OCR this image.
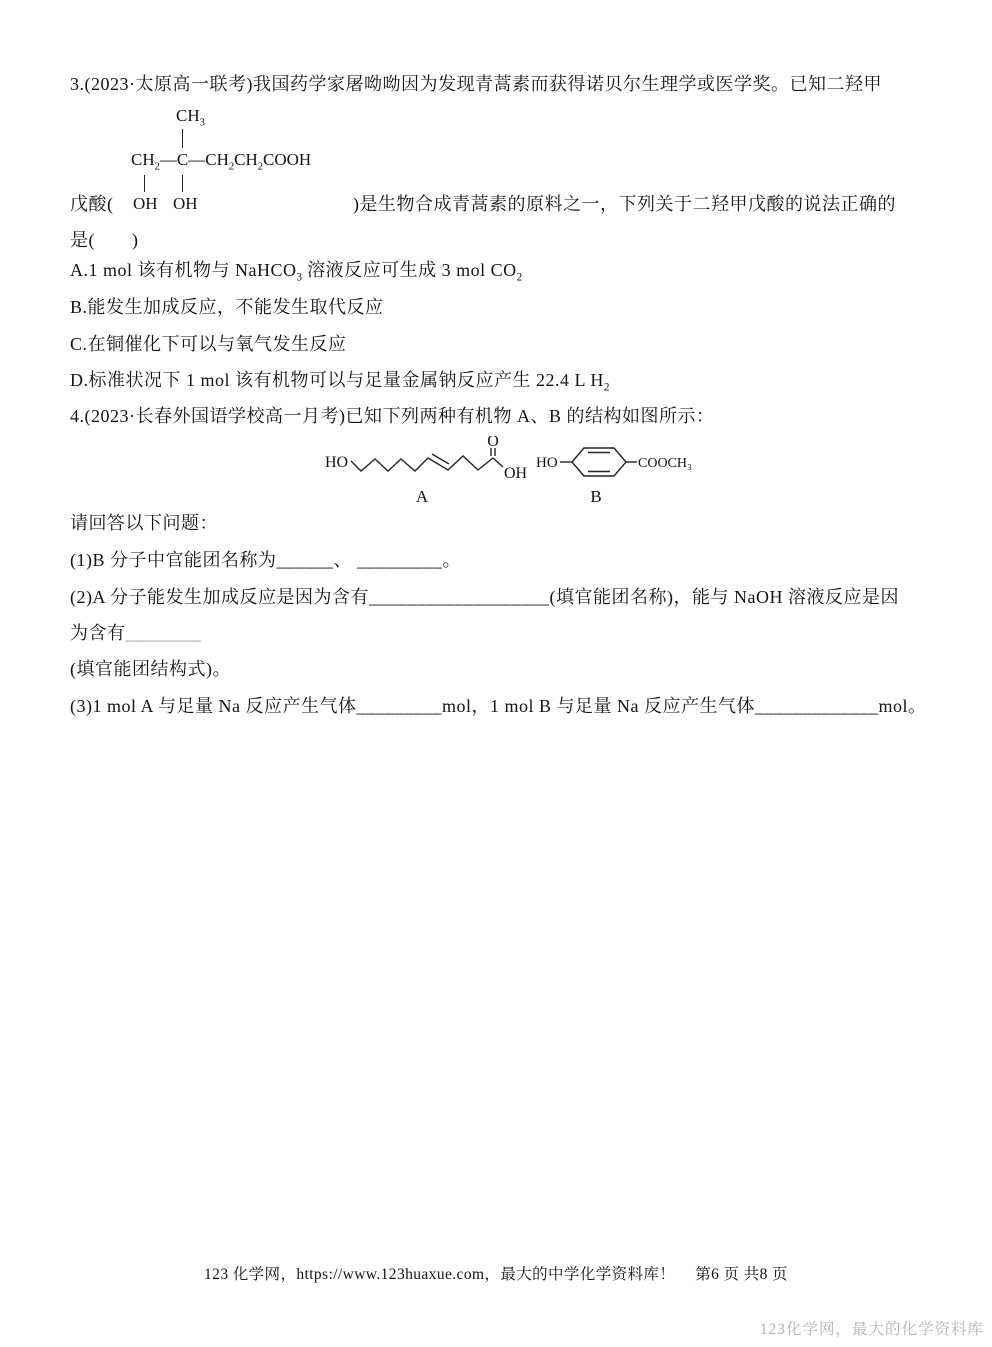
3.(2023·太原高一联考)我国药学家屠呦呦因为发现青蒿素而获得诺贝尔生理学或医学奖。已知二羟甲
$CH_3$
$CH_2—C—CH_2CH_2COOH$
OH OH
戊酸(	)是生物合成青蒿素的原料之一，下列关于二羟甲戊酸的说法正确的
是(　　)
A.1 mol 该有机物与 NaHCO$_3$ 溶液反应可生成 3 mol $CO_2$
B.能发生加成反应，不能发生取代反应
C.在铜催化下可以与氧气发生反应
D.标准状况下 1 mol 该有机物可以与足量金属钠反应产生 22.4 L $H_2$
4.(2023·长春外国语学校高一月考)已知下列两种有机物 A、B 的结构如图所示：
HO
O
OH
A
HO	COOCH₃
B
请回答以下问题：
(1)B 分子中官能团名称为______、 _________。
(2)A 分子能发生加成反应是因为含有___________________(填官能团名称)，能与 NaOH 溶液反应是因
为含有________
(填官能团结构式)。
(3)1 mol A 与足量 Na 反应产生气体_________mol，1 mol B 与足量 Na 反应产生气体_____________mol。
123 化学网，https://www.123huaxue.com，最大的中学化学资料库！ 第6 页 共8 页
123化学网，最大的化学资料库
